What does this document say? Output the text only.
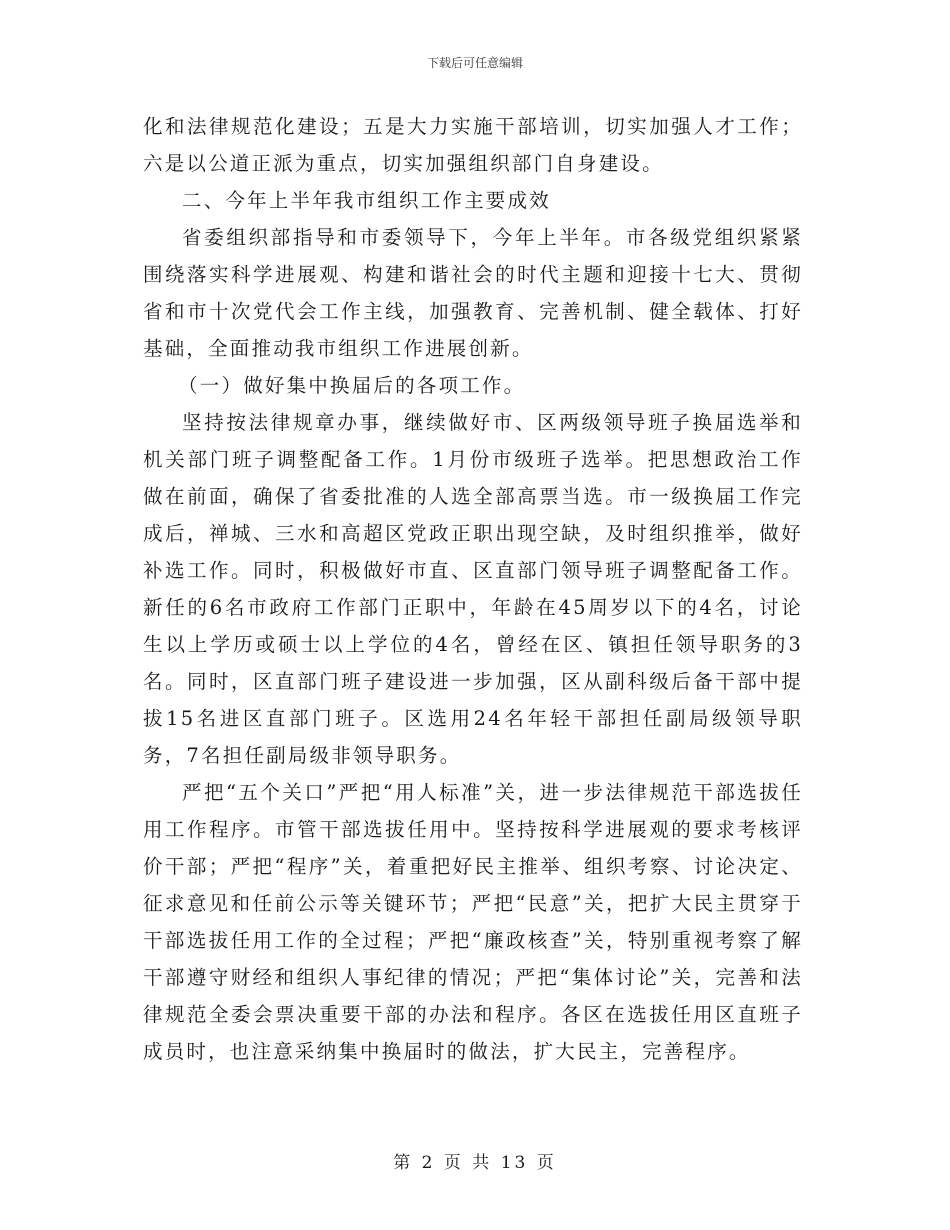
下载后可任意编辑

化和法律规范化建设；五是大力实施干部培训，切实加强人才工作；六是以公道正派为重点，切实加强组织部门自身建设。

二、今年上半年我市组织工作主要成效

省委组织部指导和市委领导下，今年上半年。市各级党组织紧紧围绕落实科学进展观、构建和谐社会的时代主题和迎接十七大、贯彻省和市十次党代会工作主线，加强教育、完善机制、健全载体、打好基础，全面推动我市组织工作进展创新。

（一）做好集中换届后的各项工作。

坚持按法律规章办事，继续做好市、区两级领导班子换届选举和机关部门班子调整配备工作。1月份市级班子选举。把思想政治工作做在前面，确保了省委批准的人选全部高票当选。市一级换届工作完成后，禅城、三水和高超区党政正职出现空缺，及时组织推举，做好补选工作。同时，积极做好市直、区直部门领导班子调整配备工作。新任的6名市政府工作部门正职中，年龄在45周岁以下的4名，讨论生以上学历或硕士以上学位的4名，曾经在区、镇担任领导职务的3名。同时，区直部门班子建设进一步加强，区从副科级后备干部中提拔15名进区直部门班子。区选用24名年轻干部担任副局级领导职务，7名担任副局级非领导职务。

严把“五个关口”严把“用人标准”关，进一步法律规范干部选拔任用工作程序。市管干部选拔任用中。坚持按科学进展观的要求考核评价干部；严把“程序”关，着重把好民主推举、组织考察、讨论决定、征求意见和任前公示等关键环节；严把“民意”关，把扩大民主贯穿于干部选拔任用工作的全过程；严把“廉政核查”关，特别重视考察了解干部遵守财经和组织人事纪律的情况；严把“集体讨论”关，完善和法律规范全委会票决重要干部的办法和程序。各区在选拔任用区直班子成员时，也注意采纳集中换届时的做法，扩大民主，完善程序。

第 2 页 共 13 页
